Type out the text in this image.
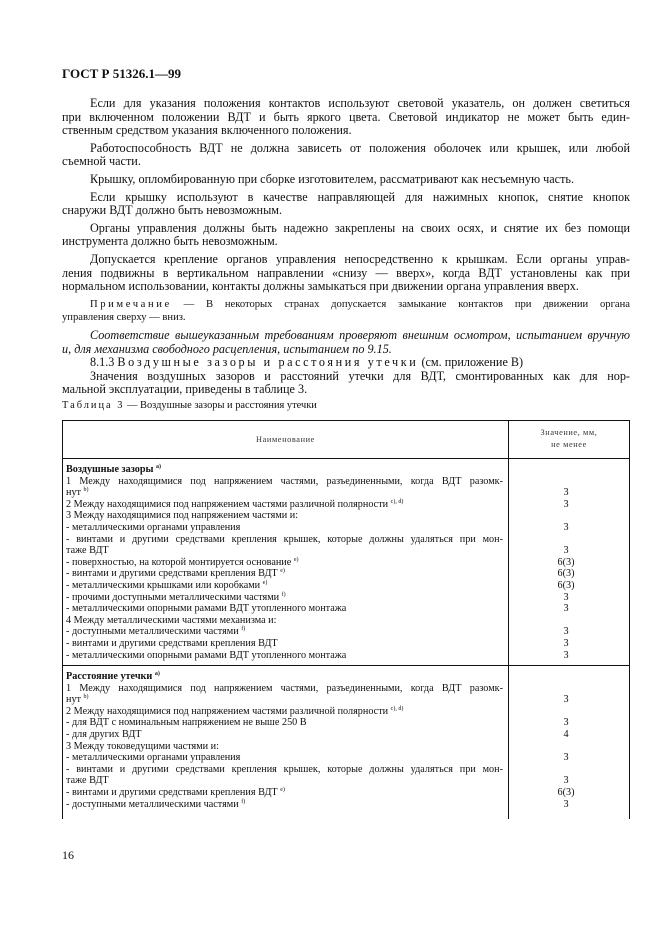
ГОСТ Р 51326.1—99
Если для указания положения контактов используют световой указатель, он должен светиться
при включенном положении ВДТ и быть яркого цвета. Световой индикатор не может быть един-
ственным средством указания включенного положения.
Работоспособность ВДТ не должна зависеть от положения оболочек или крышек, или любой
съемной части.
Крышку, опломбированную при сборке изготовителем, рассматривают как несъемную часть.
Если крышку используют в качестве направляющей для нажимных кнопок, снятие кнопок
снаружи ВДТ должно быть невозможным.
Органы управления должны быть надежно закреплены на своих осях, и снятие их без помощи
инструмента должно быть невозможным.
Допускается крепление органов управления непосредственно к крышкам. Если органы управ-
ления подвижны в вертикальном направлении «снизу — вверх», когда ВДТ установлены как при
нормальном использовании, контакты должны замыкаться при движении органа управления вверх.
Примечание — В некоторых странах допускается замыкание контактов при движении органа
управления сверху — вниз.
Соответствие вышеуказанным требованиям проверяют внешним осмотром, испытанием вручную
и, для механизма свободного расцепления, испытанием по 9.15.
8.1.3 Воздушные зазоры и расстояния утечки (см. приложение В)
Значения воздушных зазоров и расстояний утечки для ВДТ, смонтированных как для нор-
мальной эксплуатации, приведены в таблице 3.
Таблица 3 — Воздушные зазоры и расстояния утечки
Наименование
Значение, мм,
не менее
Воздушные зазоры $^{a)}$
1 Между находящимися под напряжением частями, разъединенными, когда ВДТ разомк-
нут $^{b)}$	3
2 Между находящимися под напряжением частями различной полярности $^{c), d)}$	3
3 Между находящимися под напряжением частями и:
- металлическими органами управления	3
- винтами и другими средствами крепления крышек, которые должны удаляться при мон-
таже ВДТ	3
- поверхностью, на которой монтируется основание $^{e)}$	6(3)
- винтами и другими средствами крепления ВДТ $^{e)}$	6(3)
- металлическими крышками или коробками $^{e)}$	6(3)
- прочими доступными металлическими частями $^{f)}$	3
- металлическими опорными рамами ВДТ утопленного монтажа	3
4 Между металлическими частями механизма и:
- доступными металлическими частями $^{f)}$	3
- винтами и другими средствами крепления ВДТ	3
- металлическими опорными рамами ВДТ утопленного монтажа	3
Расстояние утечки $^{a)}$
1 Между находящимися под напряжением частями, разъединенными, когда ВДТ разомк-
нут $^{b)}$	3
2 Между находящимися под напряжением частями различной полярности $^{c), d)}$
- для ВДТ с номинальным напряжением не выше 250 В	3
- для других ВДТ	4
3 Между токоведущими частями и:
- металлическими органами управления	3
- винтами и другими средствами крепления крышек, которые должны удаляться при мон-
таже ВДТ	3
- винтами и другими средствами крепления ВДТ $^{e)}$	6(3)
- доступными металлическими частями $^{f)}$	3
16
